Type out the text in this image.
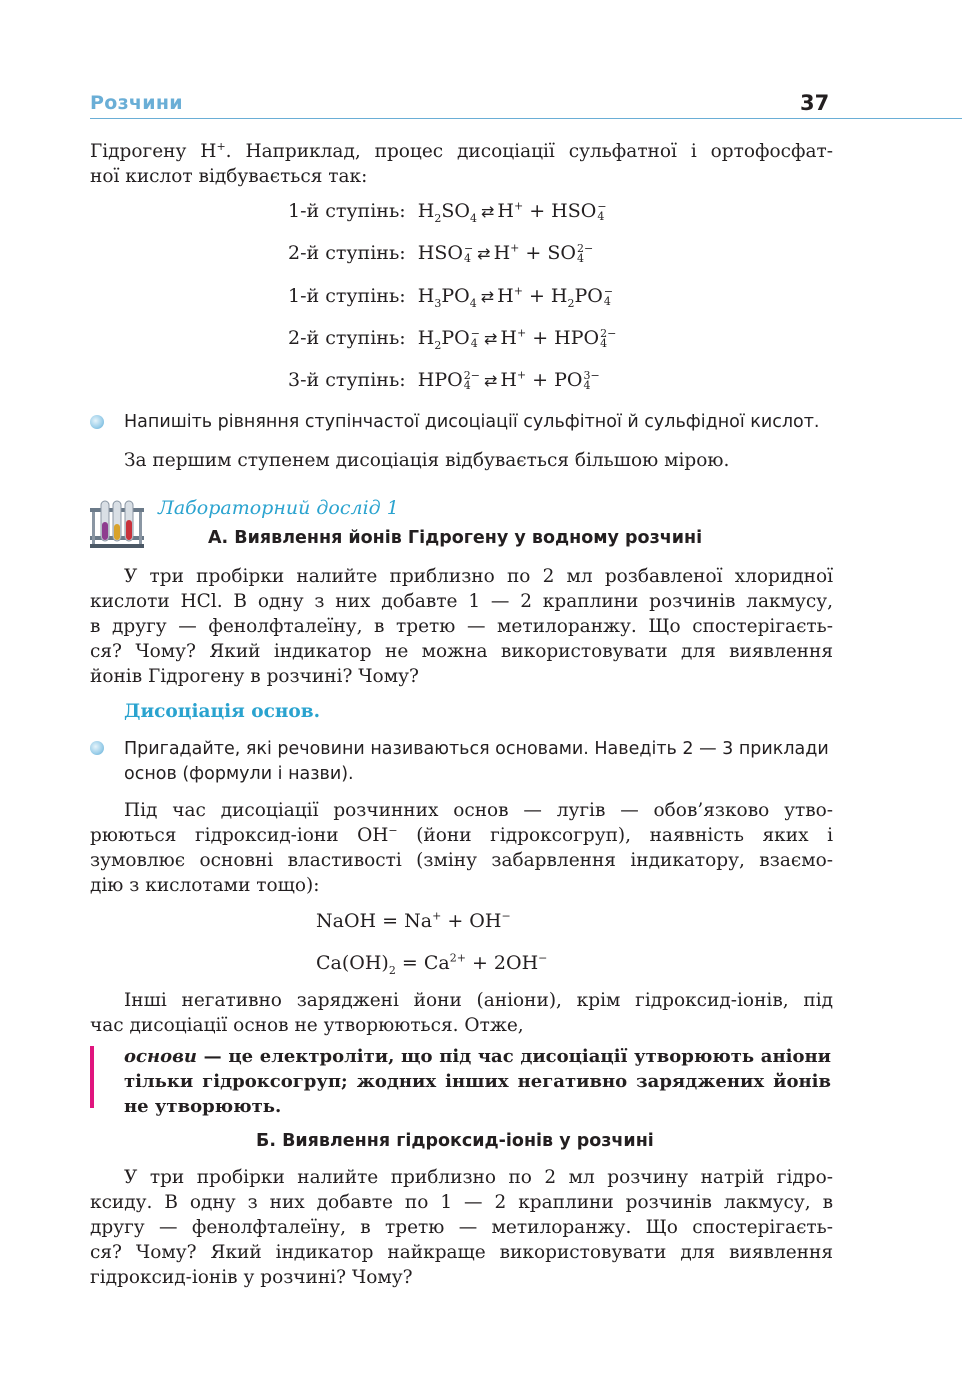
Розчини	37
Гідрогену H+. Наприклад, процес дисоціації сульфатної і ортофосфат-
ної кислот відбувається так:
1-й ступінь:  $H_2SO_4$ ⇄ H+ + HSO −
4
2-й ступінь:  HSO −
4 ⇄ H+ + SO 2−
4
1-й ступінь:  $H_3PO_4$ ⇄ $H^+ + H_2PO$ −
4
2-й ступінь:  $H_2PO$ −
4 ⇄ H+ + HPO 2−
4
3-й ступінь:  HPO 2−
4 ⇄ H+ + PO 3−
4
Напишіть рівняння ступінчастої дисоціації сульфітної й сульфідної кислот.
За першим ступенем дисоціація відбувається більшою мірою.
Лабораторний дослід 1
А. Виявлення йонів Гідрогену у водному розчині
У три пробірки налийте приблизно по 2 мл розбавленої хлоридної
кислоти HCl. В одну з них добавте 1 — 2 краплини розчинів лакмусу,
в другу — фенолфталеїну, в третю — метилоранжу. Що спостерігаєть-
ся? Чому? Який індикатор не можна використовувати для виявлення
йонів Гідрогену в розчині? Чому?
Дисоціація основ.
Пригадайте, які речовини називаються основами. Наведіть 2 — 3 приклади
основ (формули і назви).
Під час дисоціації розчинних основ — лугів — обов’язково утво-
рюються гідроксид-іони OH− (йони гідроксогруп), наявність яких і
зумовлює основні властивості (зміну забарвлення індикатору, взаємо-
дію з кислотами тощо):
NaOH = Na+ + OH−
$Ca(OH)_2 = Ca^{2+} + 2OH^-$
Інші негативно заряджені йони (аніони), крім гідроксид-іонів, під
час дисоціації основ не утворюються. Отже,
основи — це електроліти, що під час дисоціації утворюють аніони
тільки гідроксогруп; жодних інших негативно заряджених йонів
не утворюють.
Б. Виявлення гідроксид-іонів у розчині
У три пробірки налийте приблизно по 2 мл розчину натрій гідро-
ксиду. В одну з них добавте по 1 — 2 краплини розчинів лакмусу, в
другу — фенолфталеїну, в третю — метилоранжу. Що спостерігаєть-
ся? Чому? Який індикатор найкраще використовувати для виявлення
гідроксид-іонів у розчині? Чому?
